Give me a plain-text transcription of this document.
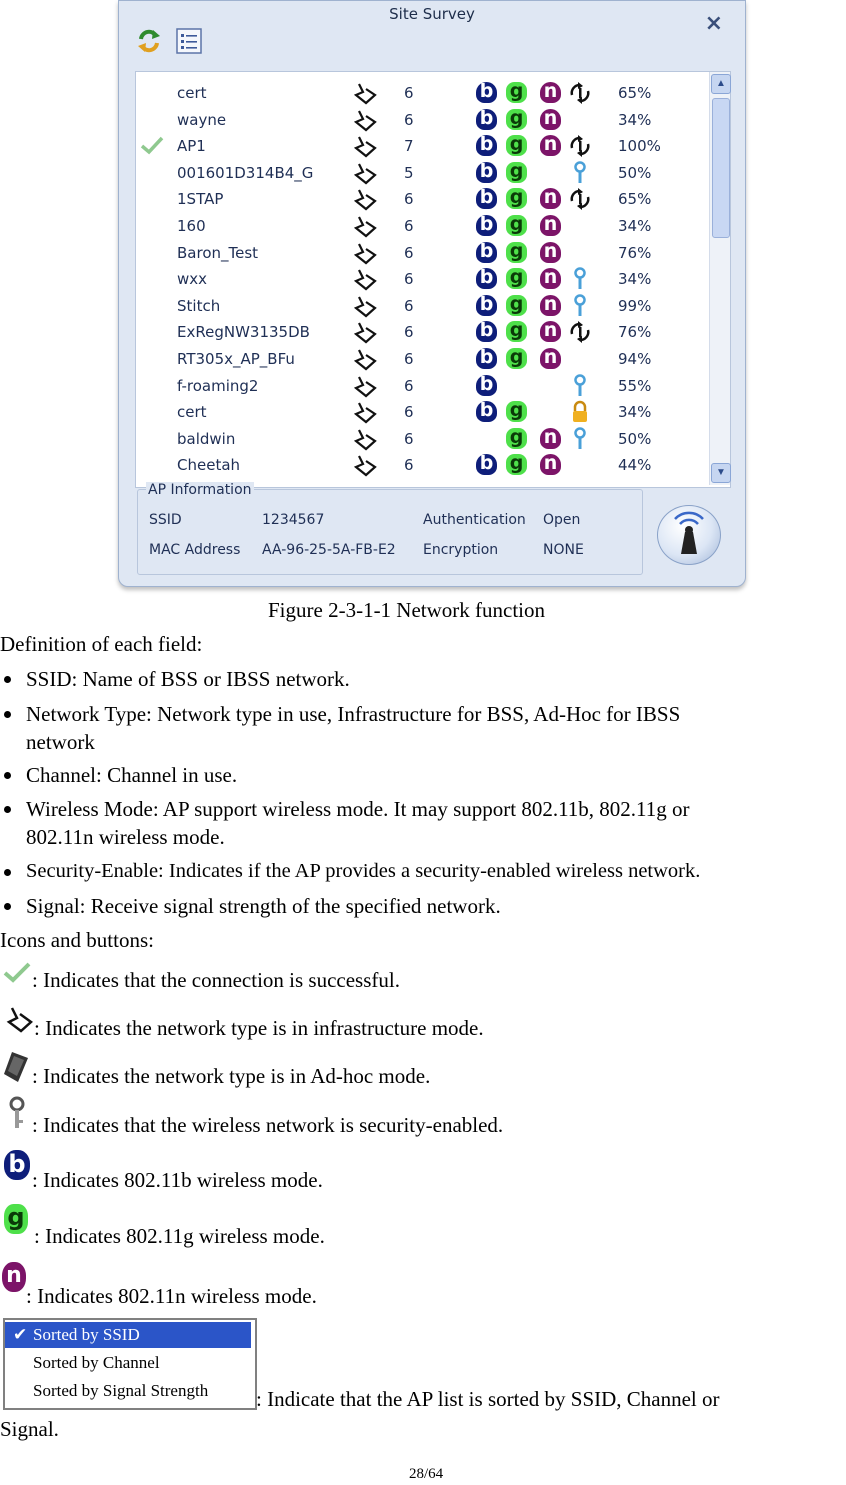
Site Survey	×
▲
▼
cert	6	b g n	65%
wayne	6	b g n	34%
AP1	7	b g n	100%
001601D314B4_G	5	b g	50%
1STAP	6	b g n	65%
160	6	b g n	34%
Baron_Test	6	b g n	76%
wxx	6	b g n	34%
Stitch	6	b g n	99%
ExRegNW3135DB	6	b g n	76%
RT305x_AP_BFu	6	b g n	94%
f-roaming2	6	b	55%
cert	6	b g	34%
baldwin	6	g n	50%
Cheetah	6	b g n	44%
AP Information
SSID	1234567	Authentication Open
MAC Address AA-96-25-5A-FB-E2 Encryption	NONE
Figure 2-3-1-1 Network function
Definition of each field:
SSID: Name of BSS or IBSS network.
Network Type: Network type in use, Infrastructure for BSS, Ad-Hoc for IBSS
network
Channel: Channel in use.
Wireless Mode: AP support wireless mode. It may support 802.11b, 802.11g or
802.11n wireless mode.
Security-Enable: Indicates if the AP provides a security-enabled wireless network.
Signal: Receive signal strength of the specified network.
Icons and buttons:
: Indicates that the connection is successful.
: Indicates the network type is in infrastructure mode.
: Indicates the network type is in Ad-hoc mode.
: Indicates that the wireless network is security-enabled.
b
: Indicates 802.11b wireless mode.
g
: Indicates 802.11g wireless mode.
n
: Indicates 802.11n wireless mode.
✔ Sorted by SSID
Sorted by Channel
Sorted by Signal Strength	: Indicate that the AP list is sorted by SSID, Channel or
Signal.
28/64
